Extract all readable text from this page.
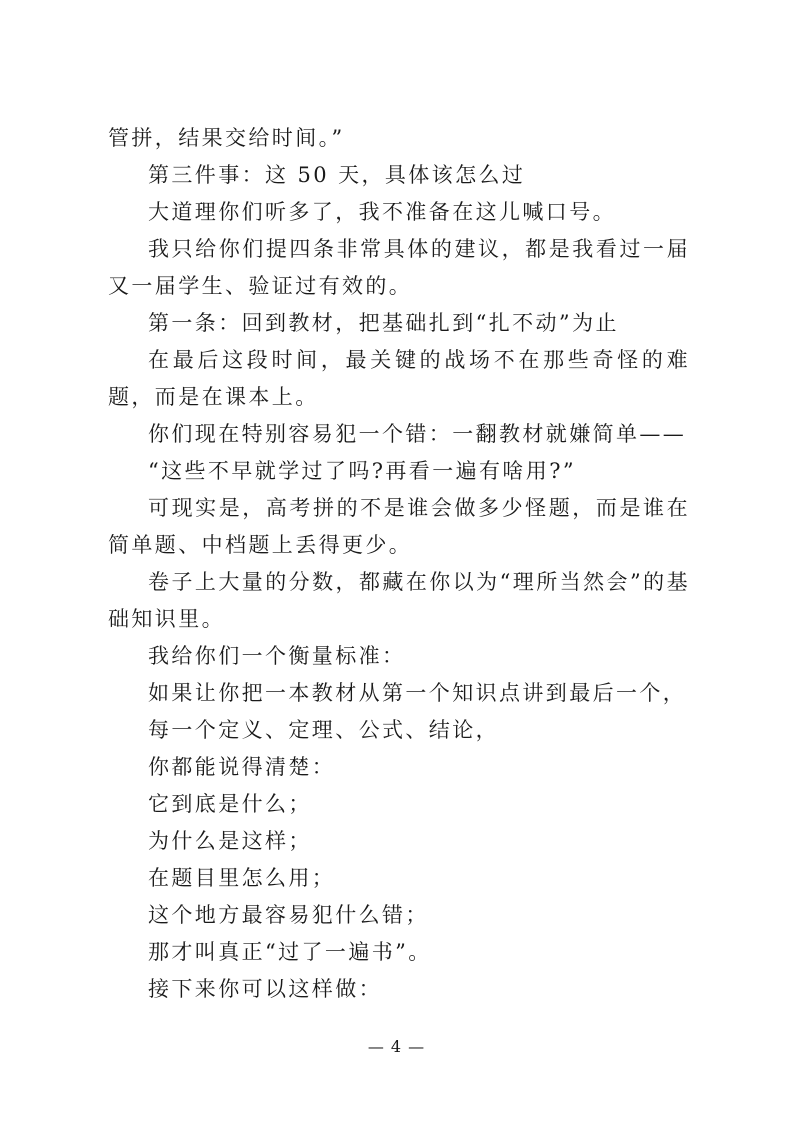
管拼，结果交给时间。”

第三件事：这 50 天，具体该怎么过

大道理你们听多了，我不准备在这儿喊口号。

我只给你们提四条非常具体的建议，都是我看过一届又一届学生、验证过有效的。

第一条：回到教材，把基础扎到“扎不动”为止

在最后这段时间，最关键的战场不在那些奇怪的难题，而是在课本上。

你们现在特别容易犯一个错：一翻教材就嫌简单——

“这些不早就学过了吗?再看一遍有啥用?”

可现实是，高考拼的不是谁会做多少怪题，而是谁在简单题、中档题上丢得更少。

卷子上大量的分数，都藏在你以为“理所当然会”的基础知识里。

我给你们一个衡量标准：

如果让你把一本教材从第一个知识点讲到最后一个，

每一个定义、定理、公式、结论，

你都能说得清楚：

它到底是什么；

为什么是这样；

在题目里怎么用；

这个地方最容易犯什么错；

那才叫真正“过了一遍书”。

接下来你可以这样做：

— 4 —
